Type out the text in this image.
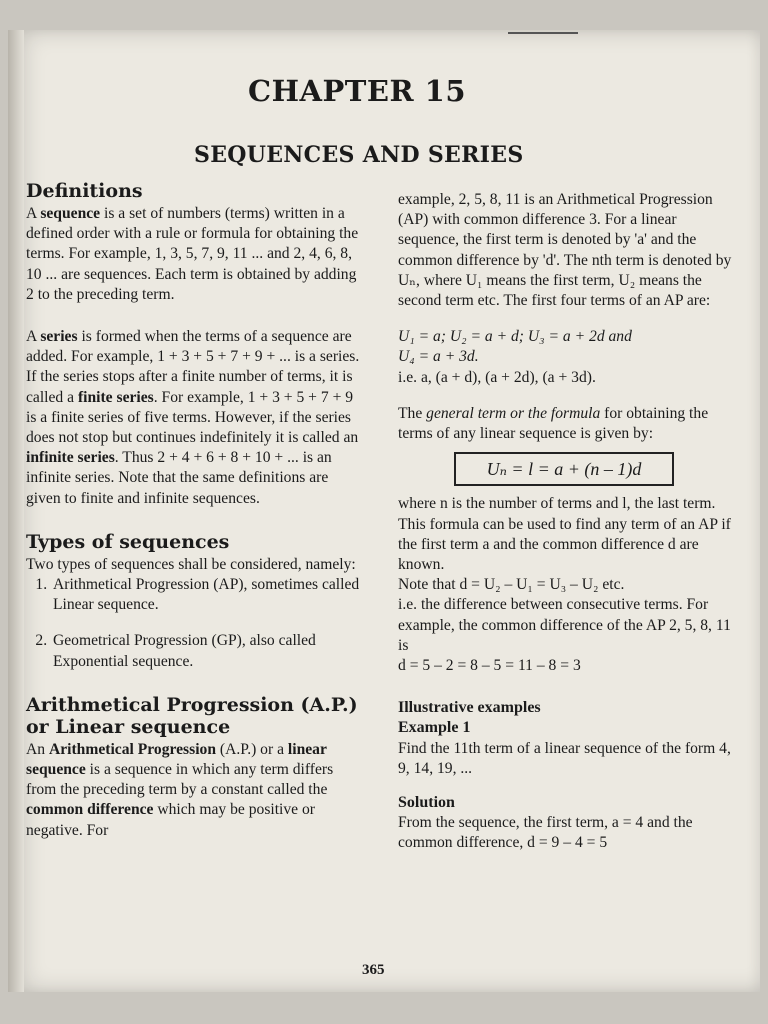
CHAPTER 15
SEQUENCES AND SERIES
Definitions

A sequence is a set of numbers (terms) written in a defined order with a rule or formula for obtaining the terms. For example, 1, 3, 5, 7, 9, 11 ... and 2, 4, 6, 8, 10 ... are sequences. Each term is obtained by adding 2 to the preceding term.

A series is formed when the terms of a sequence are added. For example, 1 + 3 + 5 + 7 + 9 + ... is a series. If the series stops after a finite number of terms, it is called a finite series. For example, 1 + 3 + 5 + 7 + 9 is a finite series of five terms. However, if the series does not stop but continues indefinitely it is called an infinite series. Thus 2 + 4 + 6 + 8 + 10 + ... is an infinite series. Note that the same definitions are given to finite and infinite sequences.

Types of sequences

Two types of sequences shall be considered, namely:

1. Arithmetical Progression (AP), sometimes called Linear sequence.
2. Geometrical Progression (GP), also called Exponential sequence.
Arithmetical Progression (A.P.) or Linear sequence

An Arithmetical Progression (A.P.) or a linear sequence is a sequence in which any term differs from the preceding term by a constant called the common difference which may be positive or negative. For

example, 2, 5, 8, 11 is an Arithmetical Progression (AP) with common difference 3. For a linear sequence, the first term is denoted by 'a' and the common difference by 'd'. The nth term is denoted by Uₙ, where U₁ means the first term, U₂ means the second term etc. The first four terms of an AP are:

U₁ = a; U₂ = a + d; U₃ = a + 2d and

U₄ = a + 3d.

i.e. a, (a + d), (a + 2d), (a + 3d).

The general term or the formula for obtaining the terms of any linear sequence is given by:

Uₙ = l = a + (n – 1)d

where n is the number of terms and l, the last term.

This formula can be used to find any term of an AP if the first term a and the common difference d are known.

Note that d = U₂ – U₁ = U₃ – U₂ etc.

i.e. the difference between consecutive terms. For example, the common difference of the AP 2, 5, 8, 11 is

d = 5 – 2 = 8 – 5 = 11 – 8 = 3

Illustrative examples
Example 1

Find the 11th term of a linear sequence of the form 4, 9, 14, 19, ...

Solution

From the sequence, the first term, a = 4 and the common difference, d = 9 – 4 = 5

365
